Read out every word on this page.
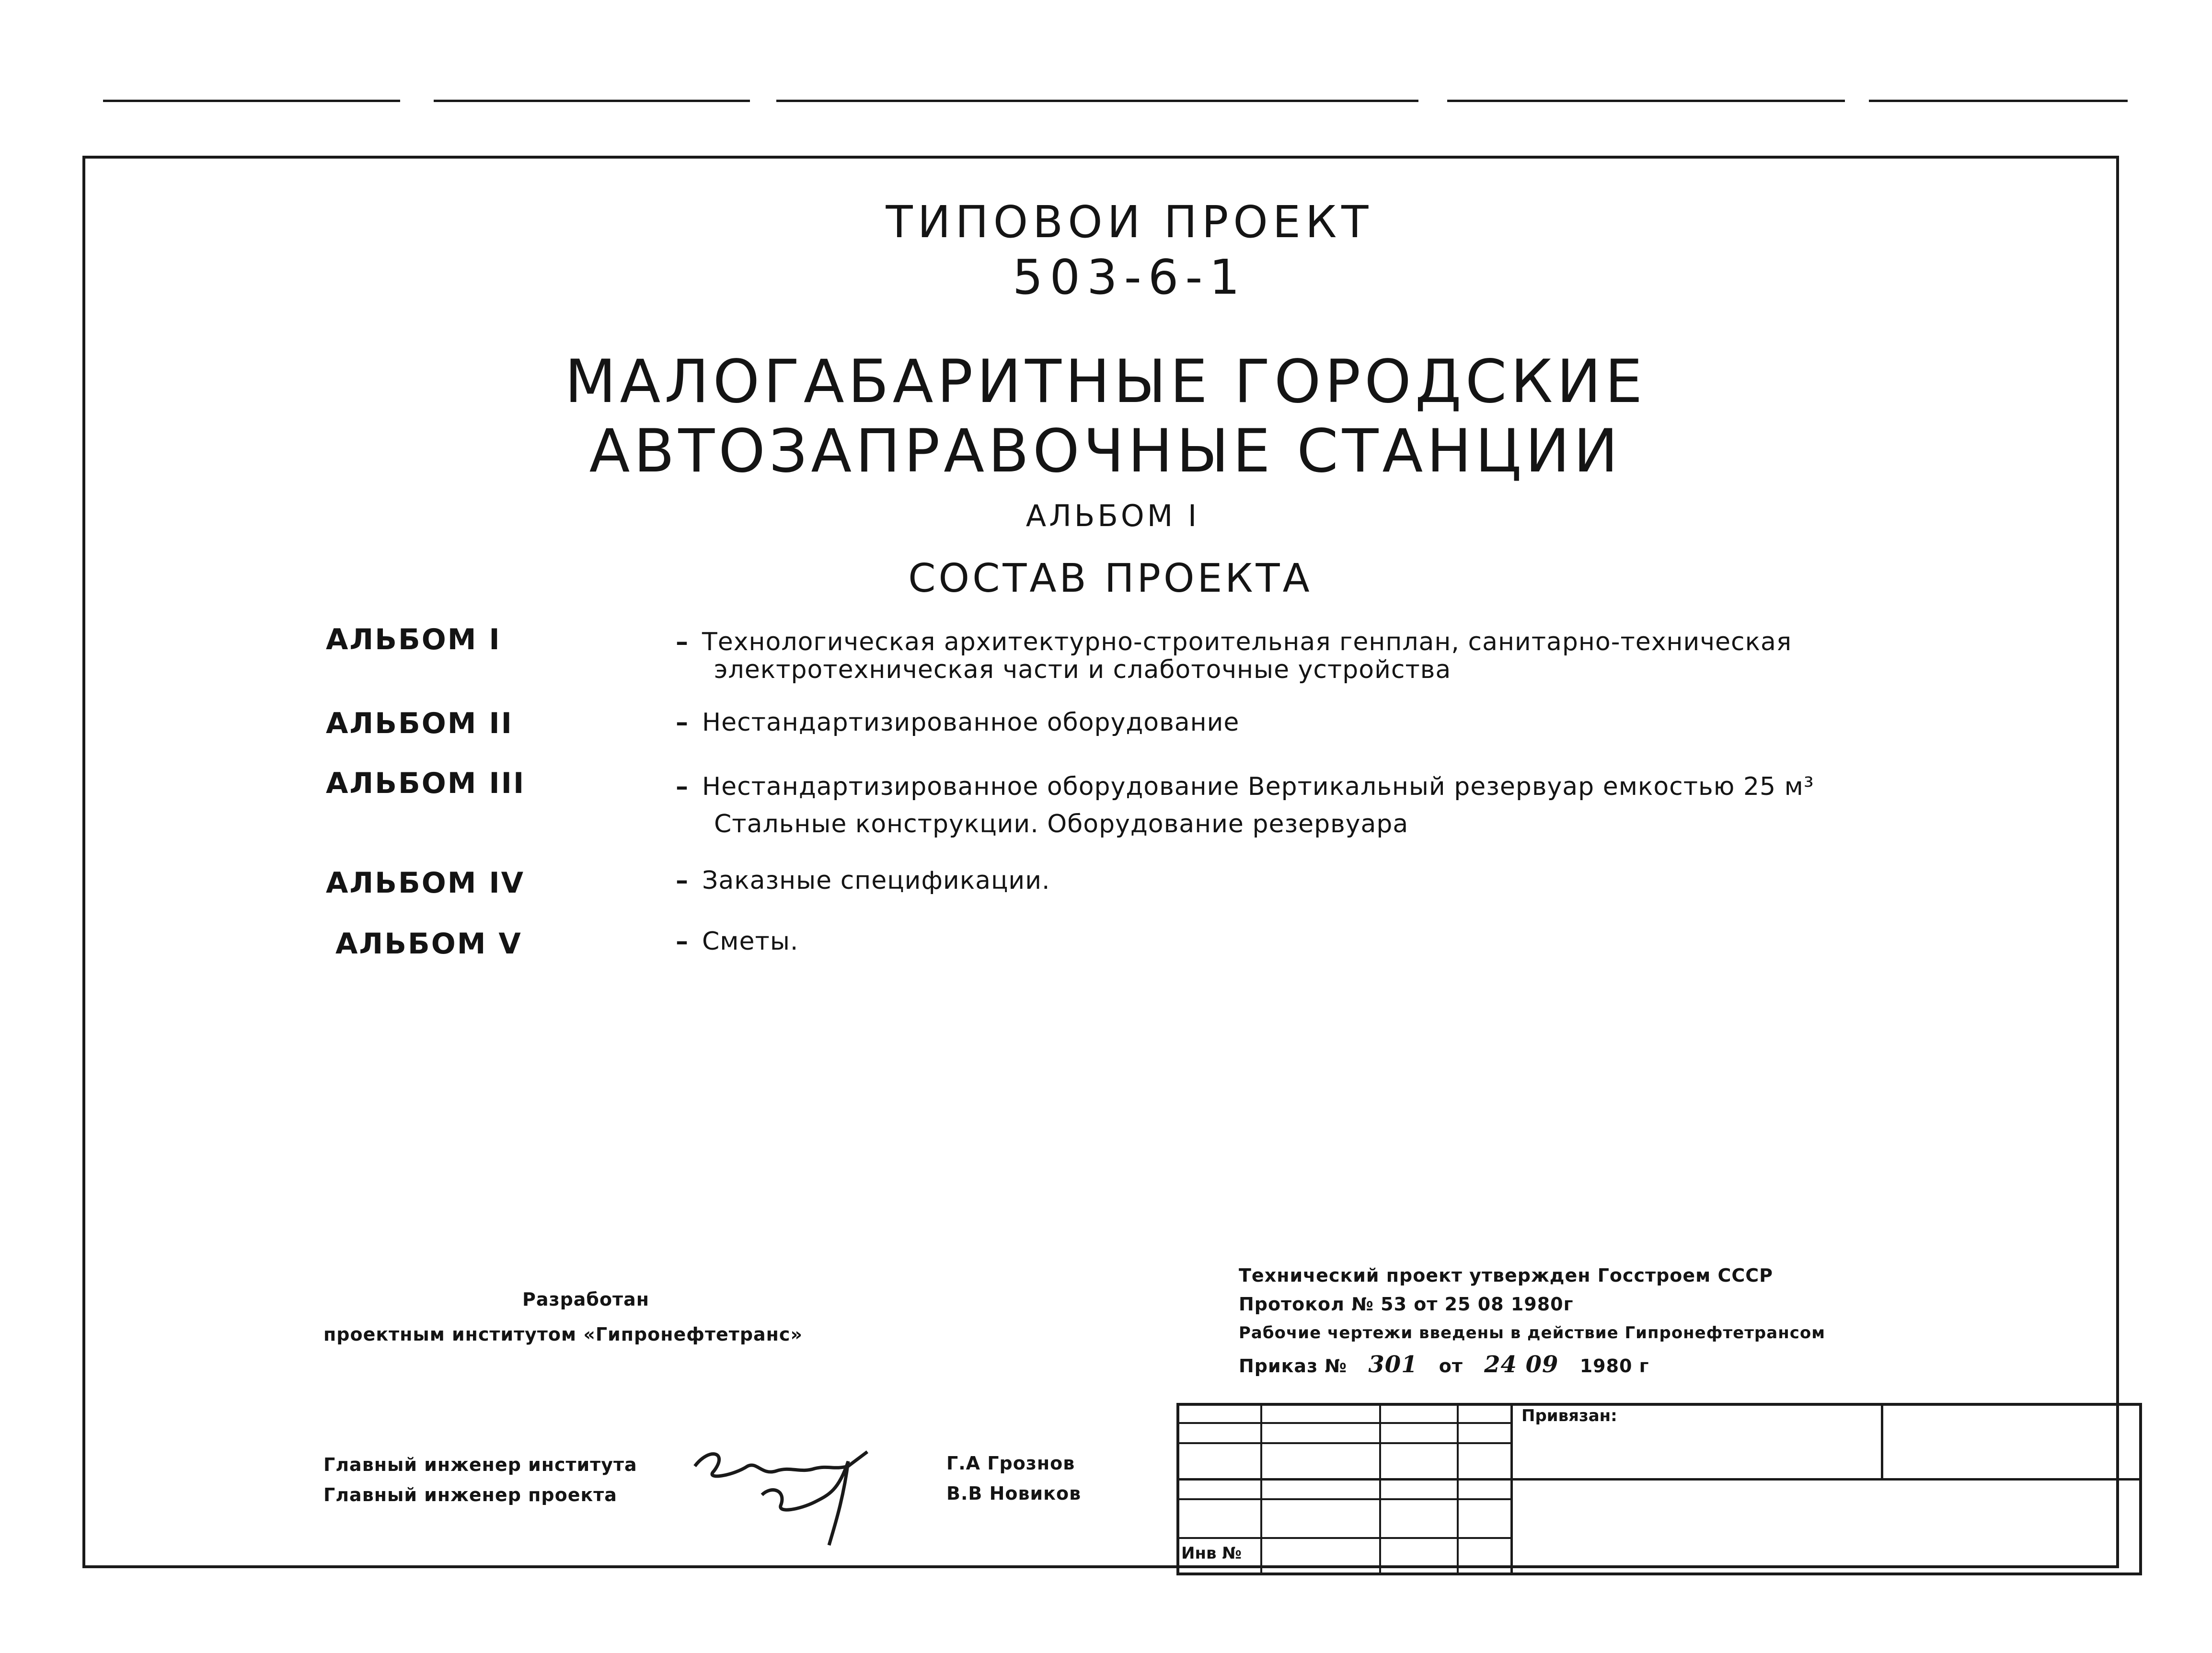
ТИПОВОИ ПРОЕКТ
503-6-1
МАЛОГАБАРИТНЫЕ ГОРОДСКИЕ
АВТОЗАПРАВОЧНЫЕ СТАНЦИИ
АЛЬБОМ I
СОСТАВ ПРОЕКТА
АЛЬБОМ I	– Технологическая архитектурно-строительная генплан, санитарно-техническая
электротехническая части и слаботочные устройства
АЛЬБОМ II	– Нестандартизированное оборудование
АЛЬБОМ III	– Нестандартизированное оборудование Вертикальный резервуар емкостью 25 м³
Стальные конструкции. Оборудование резервуара
АЛЬБОМ IV	– Заказные спецификации.
АЛЬБОМ V	– Сметы.
Разработан
проектным институтом «Гипронефтетранс»
Технический проект утвержден Госстроем СССР
Протокол № 53 от 25 08 1980г
Рабочие чертежи введены в действие Гипронефтетрансом
Приказ № 301 от 24 09 1980 г
Главный инженер института
Главный инженер проекта
Г.А Грознов
В.В Новиков
Привязан:
Инв №
